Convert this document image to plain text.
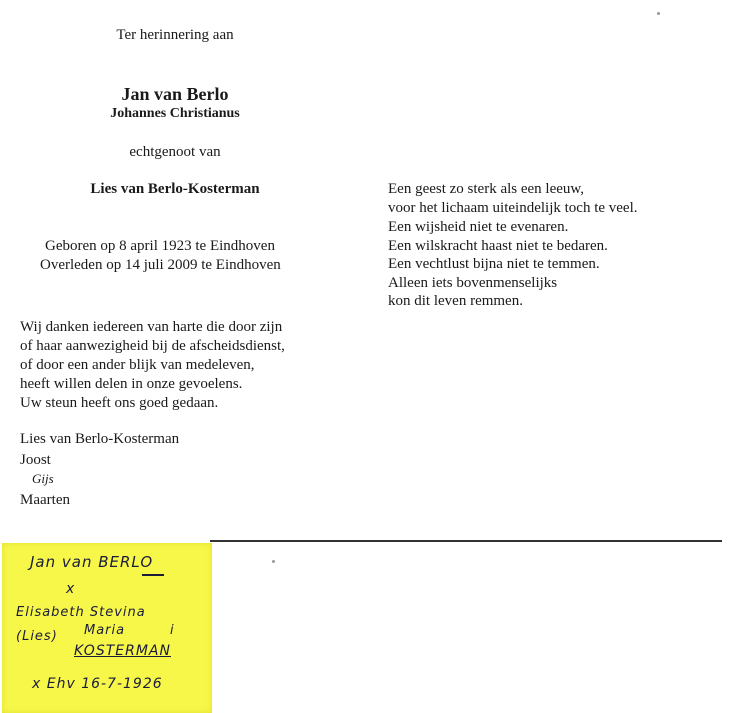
Ter herinnering aan
Jan van Berlo
Johannes Christianus
echtgenoot van
Lies van Berlo-Kosterman
Geboren op 8 april 1923 te Eindhoven
Overleden op 14 juli 2009 te Eindhoven
Wij danken iedereen van harte die door zijn
of haar aanwezigheid bij de afscheidsdienst,
of door een ander blijk van medeleven,
heeft willen delen in onze gevoelens.
Uw steun heeft ons goed gedaan.
Lies van Berlo-Kosterman
Joost
Gijs
Maarten
Een geest zo sterk als een leeuw,
voor het lichaam uiteindelijk toch te veel.
Een wijsheid niet te evenaren.
Een wilskracht haast niet te bedaren.
Een vechtlust bijna niet te temmen.
Alleen iets bovenmenselijks
kon dit leven remmen.
Jan van BERLO
x
Elisabeth Stevina
(Lies) Maria	i
KOSTERMAN
x Ehv 16-7-1926
